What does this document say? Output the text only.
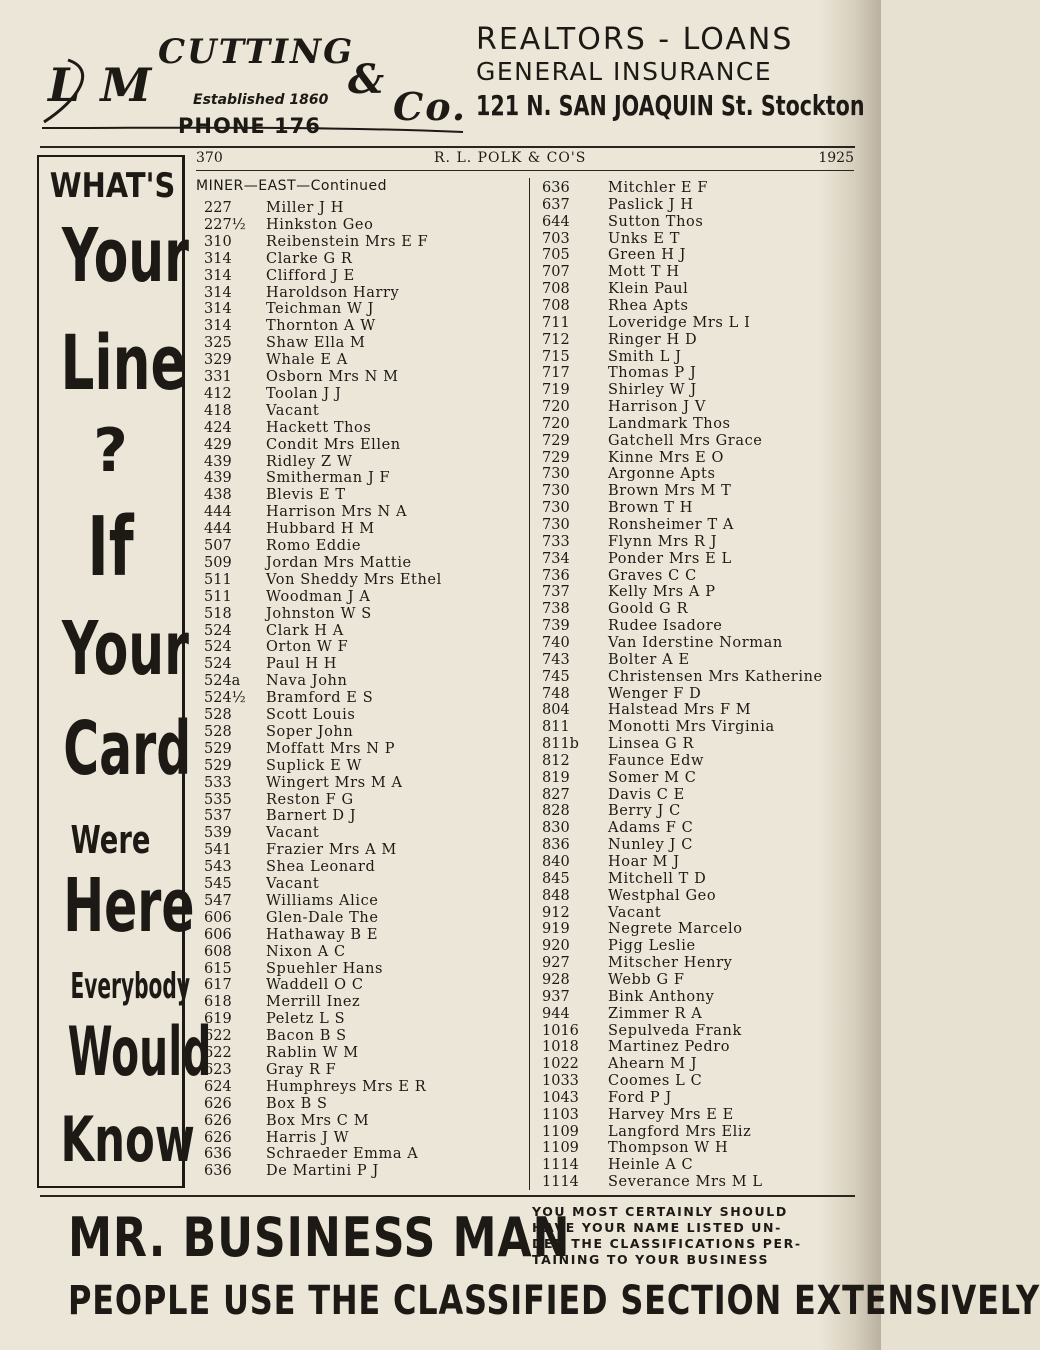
L M
CUTTING
&
Co.
Established 1860
PHONE 176
REALTORS - LOANS
GENERAL INSURANCE
121 N. SAN JOAQUIN St. Stockton
WHAT'S
Your
Line
?
If
Your
Card
Were
Here
Everybody
Would
Know
370	R. L. POLK & CO'S	1925
MINER—EAST—Continued
227 Miller J H
227½ Hinkston Geo
310 Reibenstein Mrs E F
314 Clarke G R
314 Clifford J E
314 Haroldson Harry
314 Teichman W J
314 Thornton A W
325 Shaw Ella M
329 Whale E A
331 Osborn Mrs N M
412 Toolan J J
418 Vacant
424 Hackett Thos
429 Condit Mrs Ellen
439 Ridley Z W
439 Smitherman J F
438 Blevis E T
444 Harrison Mrs N A
444 Hubbard H M
507 Romo Eddie
509 Jordan Mrs Mattie
511 Von Sheddy Mrs Ethel
511 Woodman J A
518 Johnston W S
524 Clark H A
524 Orton W F
524 Paul H H
524a Nava John
524½ Bramford E S
528 Scott Louis
528 Soper John
529 Moffatt Mrs N P
529 Suplick E W
533 Wingert Mrs M A
535 Reston F G
537 Barnert D J
539 Vacant
541 Frazier Mrs A M
543 Shea Leonard
545 Vacant
547 Williams Alice
606 Glen-Dale The
606 Hathaway B E
608 Nixon A C
615 Spuehler Hans
617 Waddell O C
618 Merrill Inez
619 Peletz L S
622 Bacon B S
622 Rablin W M
623 Gray R F
624 Humphreys Mrs E R
626 Box B S
626 Box Mrs C M
626 Harris J W
636 Schraeder Emma A
636 De Martini P J
636	Mitchler E F
637	Paslick J H
644	Sutton Thos
703	Unks E T
705	Green H J
707	Mott T H
708	Klein Paul
708	Rhea Apts
711	Loveridge Mrs L I
712	Ringer H D
715	Smith L J
717	Thomas P J
719	Shirley W J
720	Harrison J V
720	Landmark Thos
729	Gatchell Mrs Grace
729	Kinne Mrs E O
730	Argonne Apts
730	Brown Mrs M T
730	Brown T H
730	Ronsheimer T A
733	Flynn Mrs R J
734	Ponder Mrs E L
736	Graves C C
737	Kelly Mrs A P
738	Goold G R
739	Rudee Isadore
740	Van Iderstine Norman
743	Bolter A E
745	Christensen Mrs Katherine
748	Wenger F D
804	Halstead Mrs F M
811	Monotti Mrs Virginia
811b Linsea G R
812	Faunce Edw
819	Somer M C
827	Davis C E
828	Berry J C
830	Adams F C
836	Nunley J C
840	Hoar M J
845	Mitchell T D
848	Westphal Geo
912	Vacant
919	Negrete Marcelo
920	Pigg Leslie
927	Mitscher Henry
928	Webb G F
937	Bink Anthony
944	Zimmer R A
1016 Sepulveda Frank
1018 Martinez Pedro
1022 Ahearn M J
1033 Coomes L C
1043 Ford P J
1103 Harvey Mrs E E
1109 Langford Mrs Eliz
1109 Thompson W H
1114 Heinle A C
1114 Severance Mrs M L
MR. BUSINESS MAN
YOU MOST CERTAINLY SHOULD
HAVE YOUR NAME LISTED UN-
DER THE CLASSIFICATIONS PER-
TAINING TO YOUR BUSINESS
PEOPLE USE THE CLASSIFIED SECTION EXTENSIVELY
